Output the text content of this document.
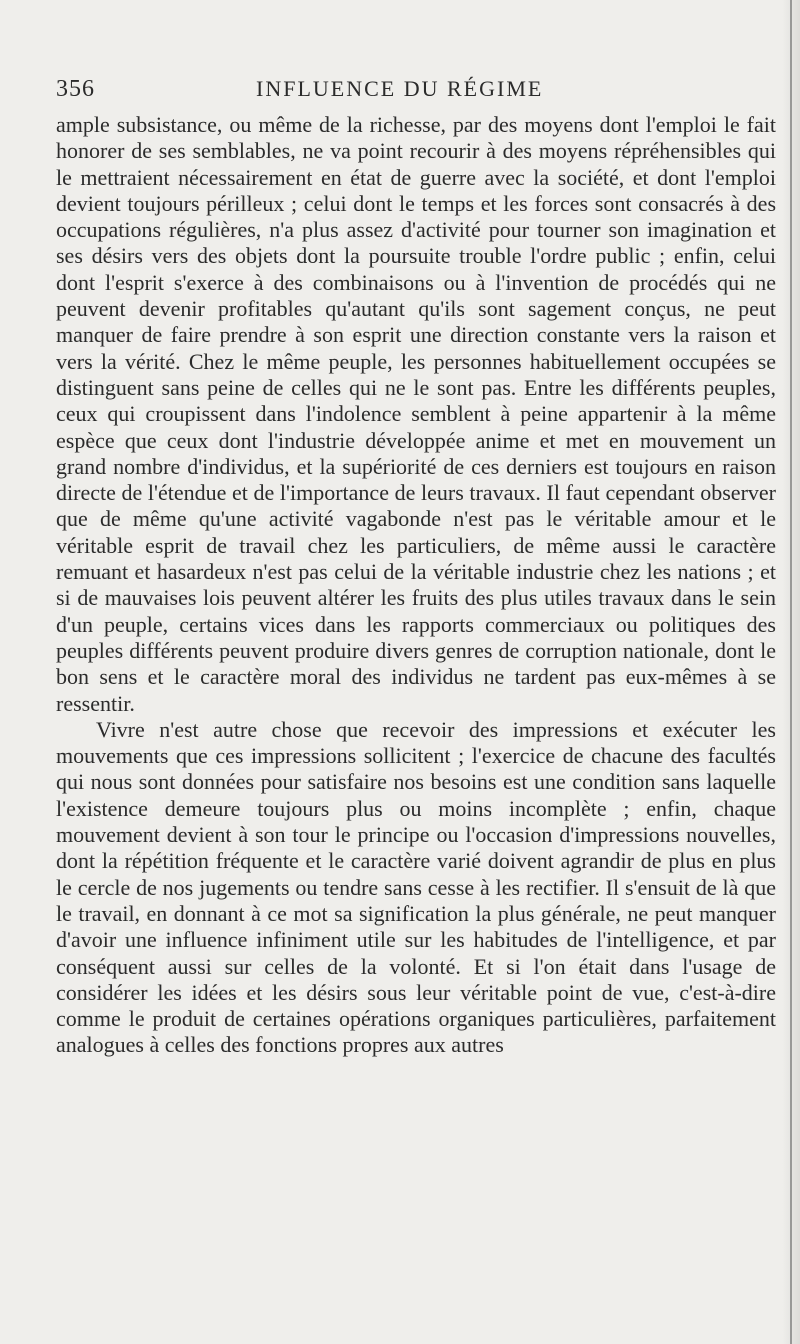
356	INFLUENCE DU RÉGIME

ample subsistance, ou même de la richesse, par des moyens dont l'emploi le fait honorer de ses semblables, ne va point recourir à des moyens répréhensibles qui le mettraient nécessairement en état de guerre avec la société, et dont l'emploi devient toujours périlleux ; celui dont le temps et les forces sont consacrés à des occupations régulières, n'a plus assez d'activité pour tourner son imagination et ses désirs vers des objets dont la poursuite trouble l'ordre public ; enfin, celui dont l'esprit s'exerce à des combinaisons ou à l'invention de procédés qui ne peuvent devenir profitables qu'autant qu'ils sont sagement conçus, ne peut manquer de faire prendre à son esprit une direction constante vers la raison et vers la vérité. Chez le même peuple, les personnes habituellement occupées se distinguent sans peine de celles qui ne le sont pas. Entre les différents peuples, ceux qui croupissent dans l'indolence semblent à peine appartenir à la même espèce que ceux dont l'industrie développée anime et met en mouvement un grand nombre d'individus, et la supériorité de ces derniers est toujours en raison directe de l'étendue et de l'importance de leurs travaux. Il faut cependant observer que de même qu'une activité vagabonde n'est pas le véritable amour et le véritable esprit de travail chez les particuliers, de même aussi le caractère remuant et hasardeux n'est pas celui de la véritable industrie chez les nations ; et si de mauvaises lois peuvent altérer les fruits des plus utiles travaux dans le sein d'un peuple, certains vices dans les rapports commerciaux ou politiques des peuples différents peuvent produire divers genres de corruption nationale, dont le bon sens et le caractère moral des individus ne tardent pas eux-mêmes à se ressentir.

Vivre n'est autre chose que recevoir des impressions et exécuter les mouvements que ces impressions sollicitent ; l'exercice de chacune des facultés qui nous sont données pour satisfaire nos besoins est une condition sans laquelle l'existence demeure toujours plus ou moins incomplète ; enfin, chaque mouvement devient à son tour le principe ou l'occasion d'impressions nouvelles, dont la répétition fréquente et le caractère varié doivent agrandir de plus en plus le cercle de nos jugements ou tendre sans cesse à les rectifier. Il s'ensuit de là que le travail, en donnant à ce mot sa signification la plus générale, ne peut manquer d'avoir une influence infiniment utile sur les habitudes de l'intelligence, et par conséquent aussi sur celles de la volonté. Et si l'on était dans l'usage de considérer les idées et les désirs sous leur véritable point de vue, c'est-à-dire comme le produit de certaines opérations organiques particulières, parfaitement analogues à celles des fonctions propres aux autres
